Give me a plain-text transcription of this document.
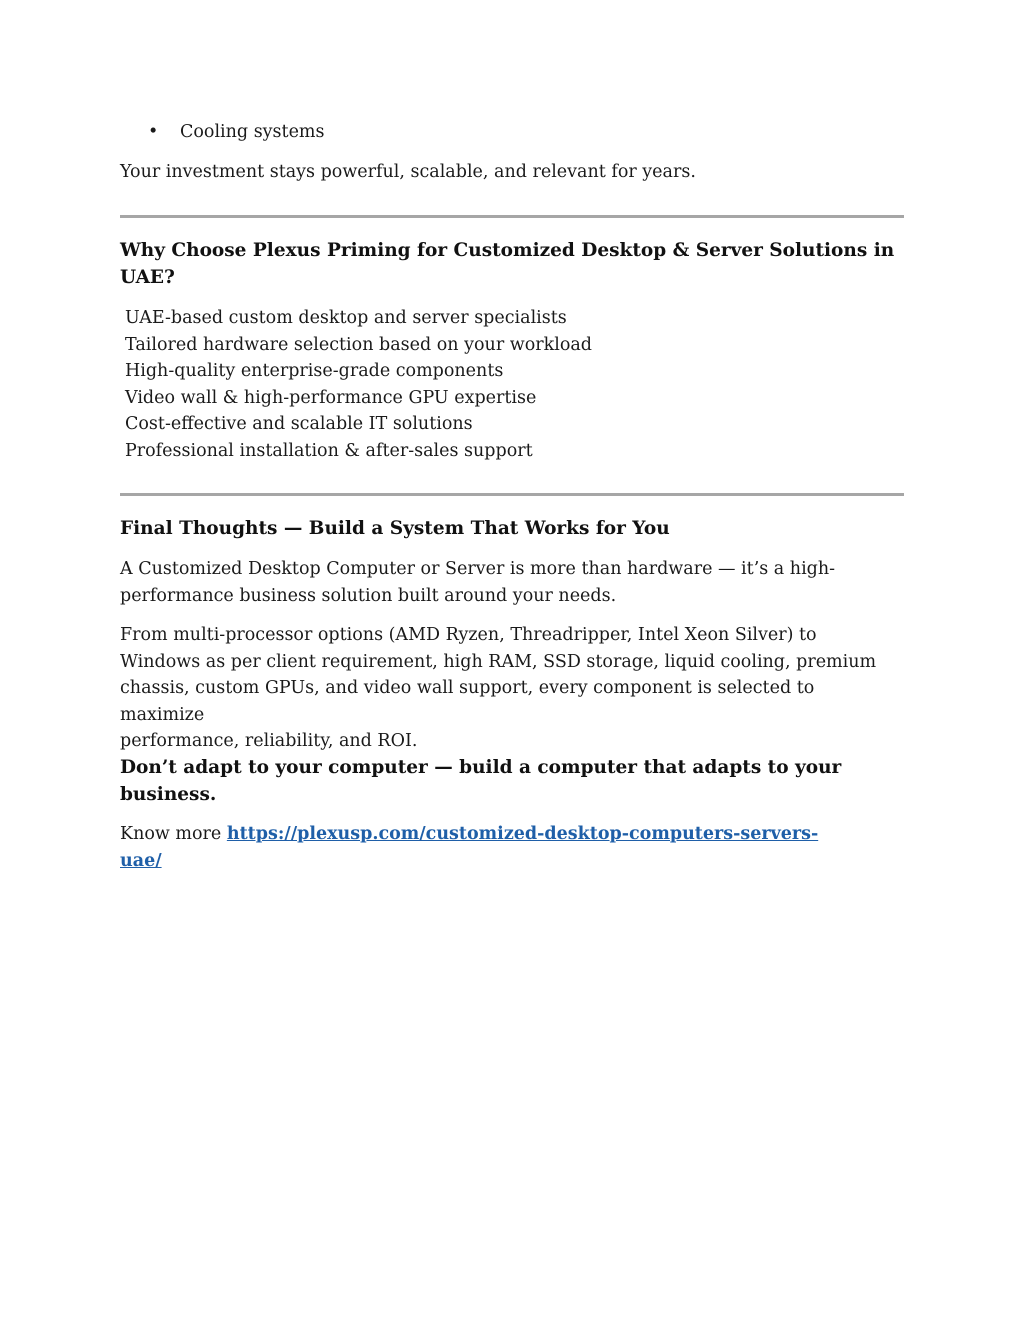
• Cooling systems
Your investment stays powerful, scalable, and relevant for years.
Why Choose Plexus Priming for Customized Desktop & Server Solutions in
UAE?
UAE-based custom desktop and server specialists
Tailored hardware selection based on your workload
High-quality enterprise-grade components
Video wall & high-performance GPU expertise
Cost-effective and scalable IT solutions
Professional installation & after-sales support
Final Thoughts — Build a System That Works for You
A Customized Desktop Computer or Server is more than hardware — it’s a high-
performance business solution built around your needs.
From multi-processor options (AMD Ryzen, Threadripper, Intel Xeon Silver) to
Windows as per client requirement, high RAM, SSD storage, liquid cooling, premium
chassis, custom GPUs, and video wall support, every component is selected to maximize
performance, reliability, and ROI.
Don’t adapt to your computer — build a computer that adapts to your
business.
Know more https://plexusp.com/customized-desktop-computers-servers-
uae/
